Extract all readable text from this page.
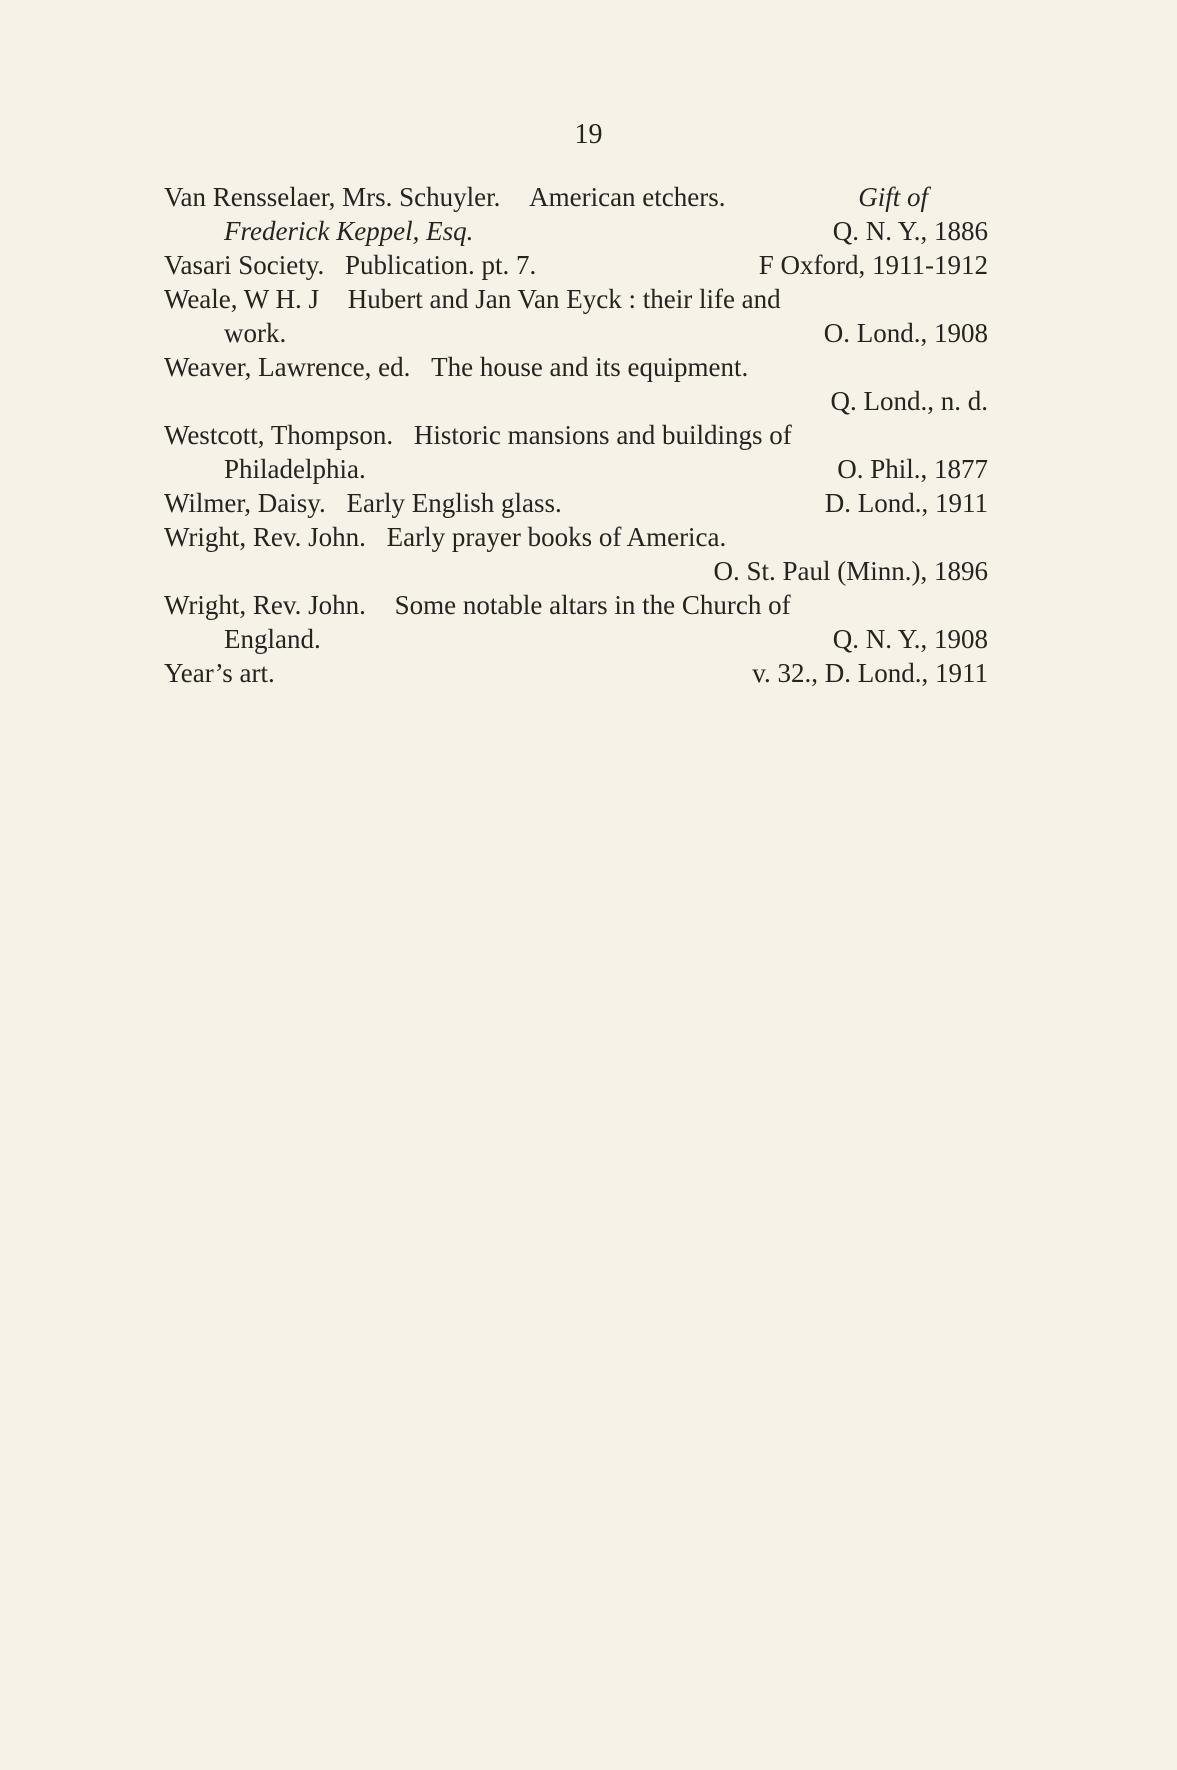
19
Van Rensselaer, Mrs. Schuyler. American etchers.	Gift of
Frederick Keppel, Esq.	Q. N. Y., 1886
Vasari Society. Publication. pt. 7.	F Oxford, 1911-1912
Weale, W H. J Hubert and Jan Van Eyck : their life and
work.	O. Lond., 1908
Weaver, Lawrence, ed. The house and its equipment.
Q. Lond., n. d.
Westcott, Thompson. Historic mansions and buildings of
Philadelphia.	O. Phil., 1877
Wilmer, Daisy. Early English glass.	D. Lond., 1911
Wright, Rev. John. Early prayer books of America.
O. St. Paul (Minn.), 1896
Wright, Rev. John. Some notable altars in the Church of
England.	Q. N. Y., 1908
Year’s art.	v. 32., D. Lond., 1911
